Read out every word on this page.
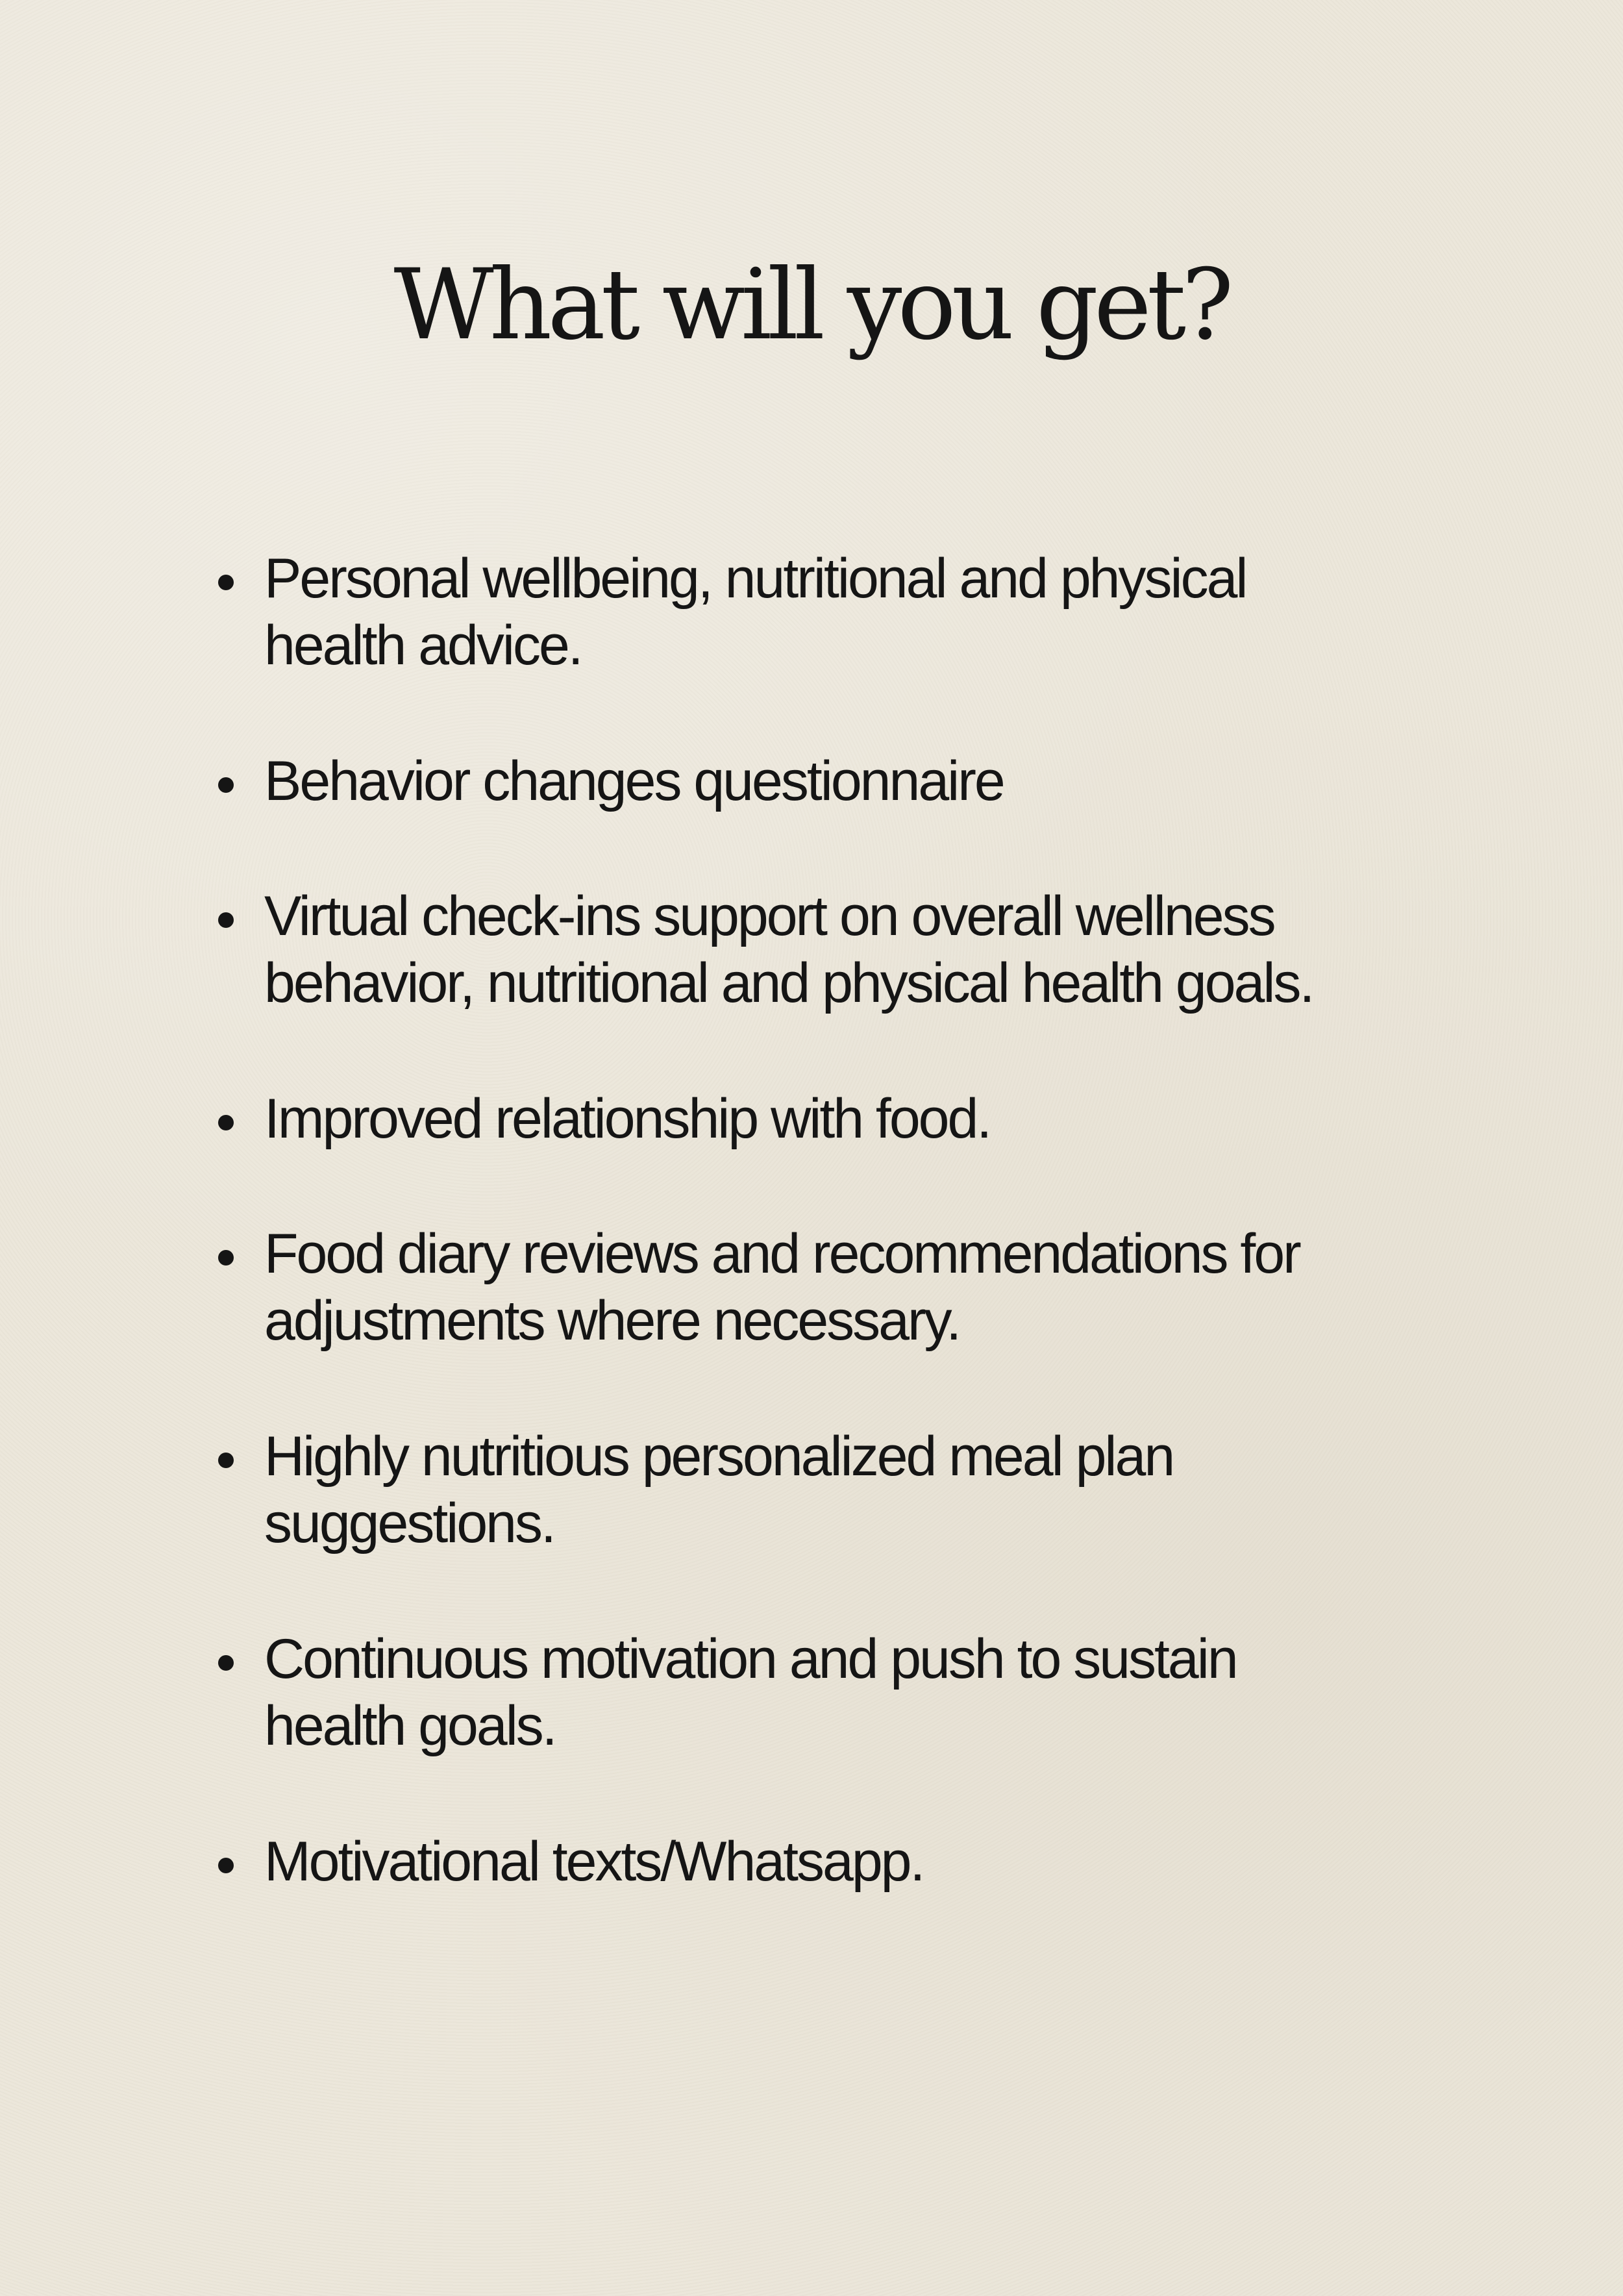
What will you get?
Personal wellbeing, nutritional and physical
health advice.
Behavior changes questionnaire
Virtual check-ins support on overall wellness
behavior, nutritional and physical health goals.
Improved relationship with food.
Food diary reviews and recommendations for
adjustments where necessary.
Highly nutritious personalized meal plan
suggestions.
Continuous motivation and push to sustain
health goals.
Motivational texts/Whatsapp.
